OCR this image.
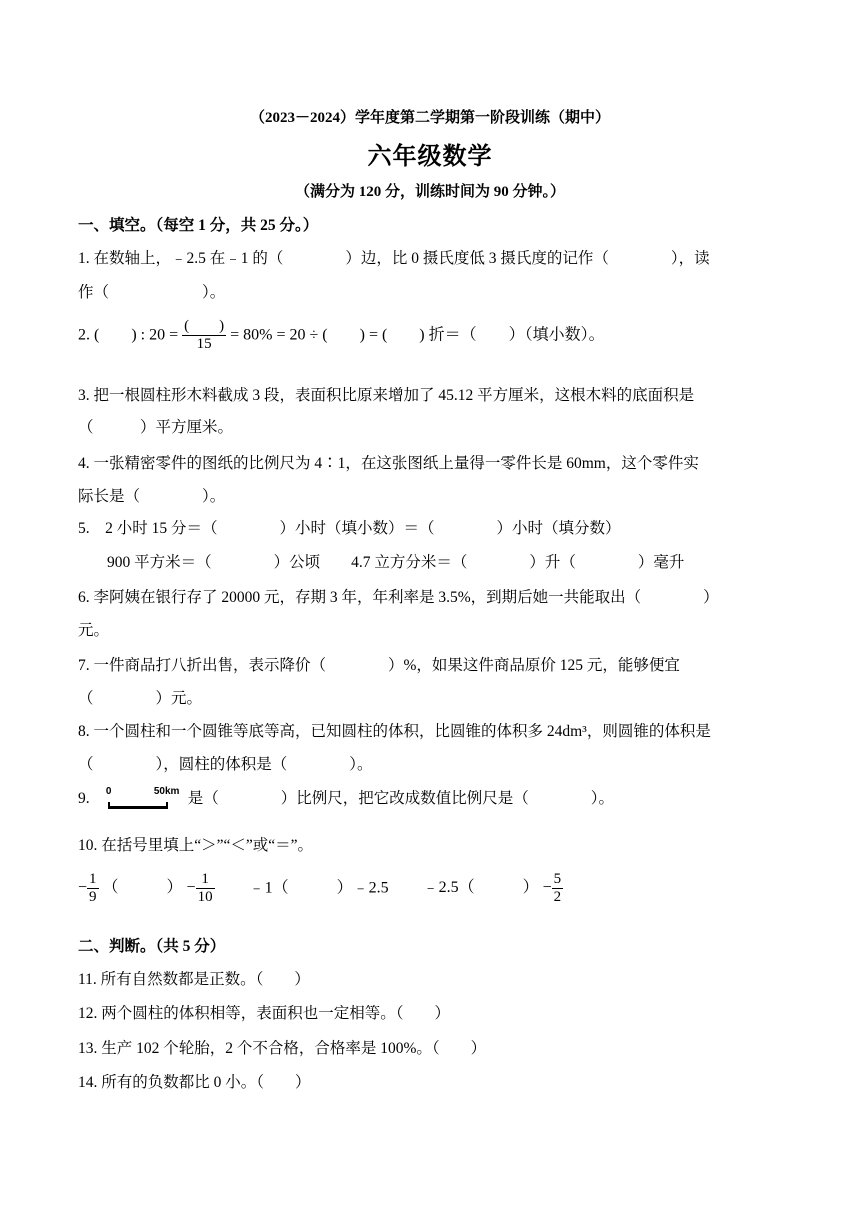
（2023－2024）学年度第二学期第一阶段训练（期中）
六年级数学
（满分为 120 分，训练时间为 90 分钟。）
一、填空。（每空 1 分，共 25 分。）
1. 在数轴上，﹣2.5 在﹣1 的（　　　　）边，比 0 摄氏度低 3 摄氏度的记作（　　　　），读
作（　　　　　　）。
2. (　　) : $20 = \frac{( )}{15} = 80\% = 20$ ÷ (　　) = (　　) 折＝（　　）（填小数）。
3. 把一根圆柱形木料截成 3 段，表面积比原来增加了 45.12 平方厘米，这根木料的底面积是
（　　　）平方厘米。
4. 一张精密零件的图纸的比例尺为 4∶1，在这张图纸上量得一零件长是 60mm，这个零件实
际长是（　　　　）。
5.　2 小时 15 分＝（　　　　）小时（填小数）＝（　　　　）小时（填分数）
900 平方米＝（　　　　）公顷　　4.7 立方分米＝（　　　　）升（　　　　）毫升
6. 李阿姨在银行存了 20000 元，存期 3 年，年利率是 3.5%，到期后她一共能取出（　　　　）
元。
7. 一件商品打八折出售，表示降价（　　　　）%，如果这件商品原价 125 元，能够便宜
（　　　　）元。
8. 一个圆柱和一个圆锥等底等高，已知圆柱的体积，比圆锥的体积多 24dm³，则圆锥的体积是
（　　　　），圆柱的体积是（　　　　）。
9. 0	50km 是（　　　　）比例尺，把它改成数值比例尺是（　　　　）。
10. 在括号里填上“＞”“＜”或“＝”。
− $\frac{1}{9}$ （　　　） − $\frac{1}{10}$ ﹣1（　　　）﹣2.5 ﹣2.5（　　　） − $\frac{5}{2}$
二、判断。（共 5 分）
11. 所有自然数都是正数。（　　）
12. 两个圆柱的体积相等，表面积也一定相等。（　　）
13. 生产 102 个轮胎，2 个不合格，合格率是 100%。（　　）
14. 所有的负数都比 0 小。（　　）
